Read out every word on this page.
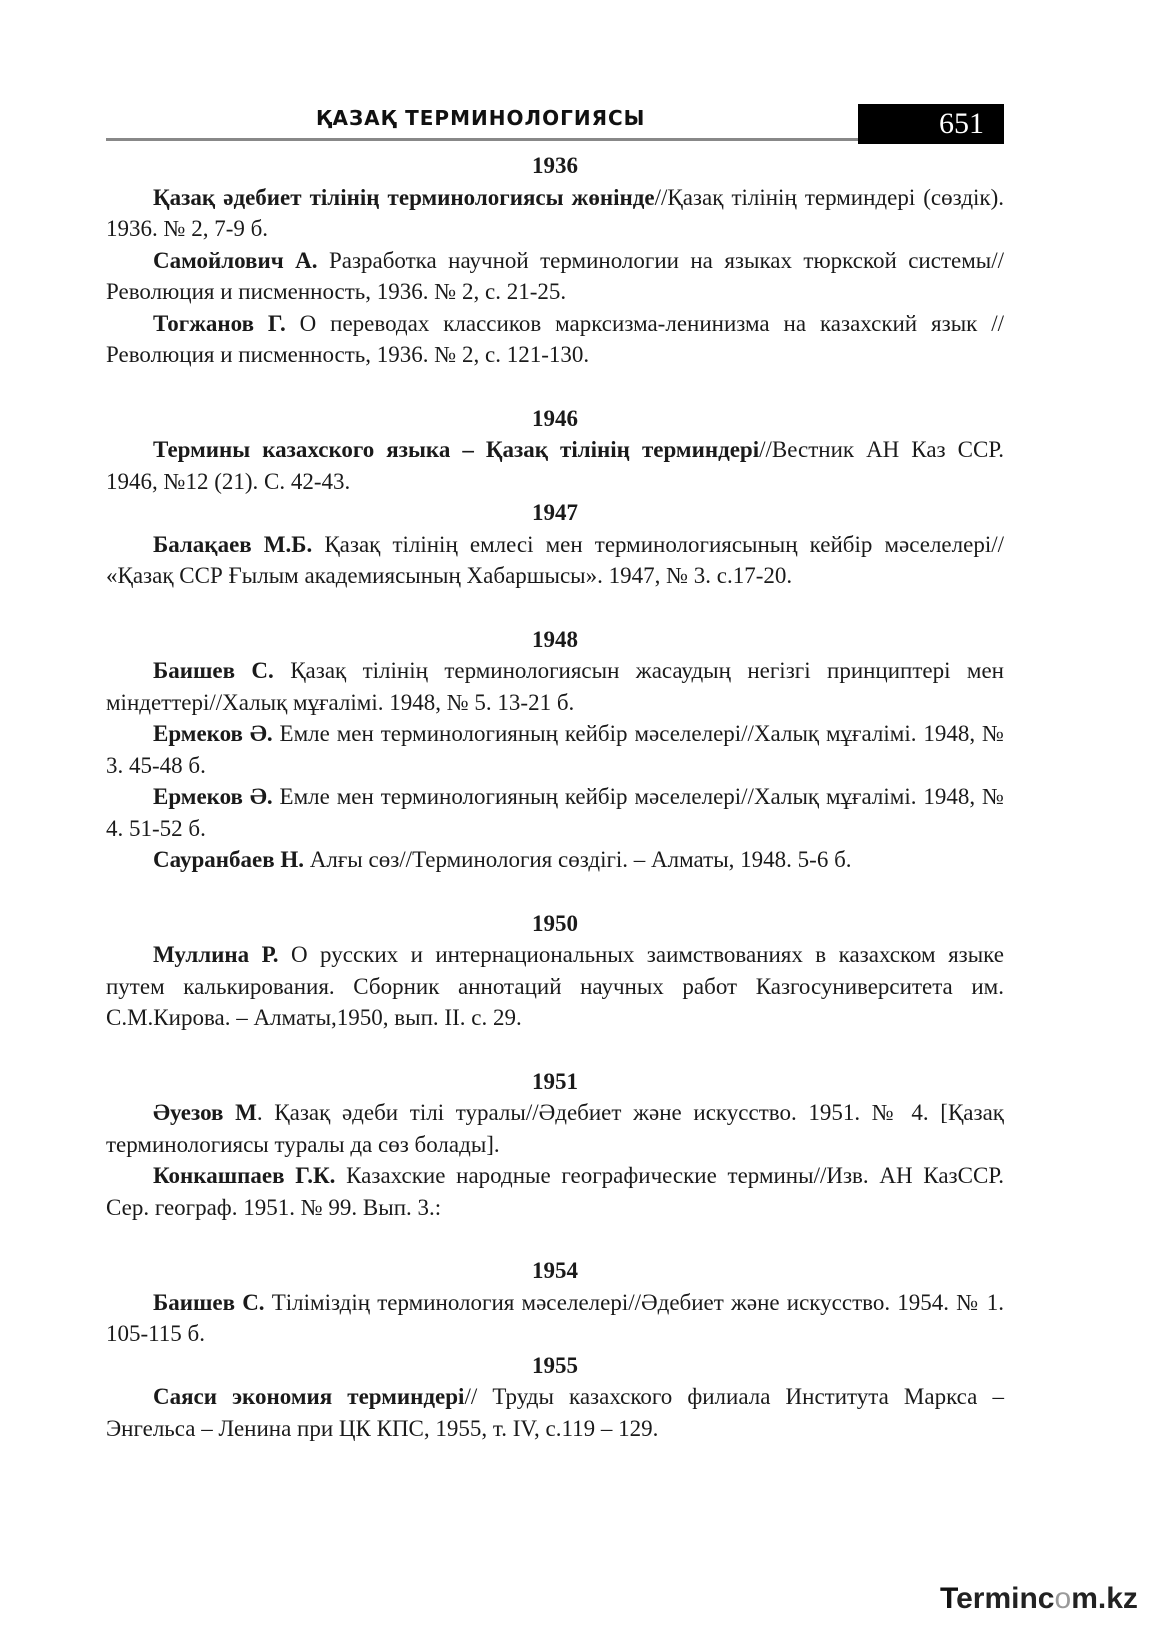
ҚАЗАҚ ТЕРМИНОЛОГИЯСЫ	651

1936

Қазақ әдебиет тілінің терминологиясы жөнінде//Қазақ тілінің терминдері (сөздік). 1936. № 2, 7-9 б.

Самойлович А. Разработка научной терминологии на языках тюркской системы//Революция и писменность, 1936. № 2, с. 21-25.

Тогжанов Г. О переводах классиков марксизма-ленинизма на казахский язык //Революция и писменность, 1936. № 2, с. 121-130.

1946

Термины казахского языка – Қазақ тілінің терминдері//Вестник АН Каз ССР. 1946, №12 (21). С. 42-43.

1947

Балақаев М.Б. Қазақ тілінің емлесі мен терминологиясының кейбір мәселелері// «Қазақ ССР Ғылым академиясының Хабаршысы». 1947, № 3. с.17-20.

1948

Баишев С. Қазақ тілінің терминологиясын жасаудың негізгі принциптері мен міндеттері//Халық мұғалімі. 1948, № 5. 13-21 б.

Ермеков Ә. Емле мен терминологияның кейбір мәселелері//Халық мұғалімі. 1948, № 3. 45-48 б.

Ермеков Ә. Емле мен терминологияның кейбір мәселелері//Халық мұғалімі. 1948, № 4. 51-52 б.

Сауранбаев Н. Алғы сөз//Терминология сөздігі. – Алматы, 1948. 5-6 б.

1950

Муллина Р. О русских и интернациональных заимствованиях в казахском языке путем калькирования. Сборник аннотаций научных работ Казгосуниверситета им. С.М.Кирова. – Алматы,1950, вып. II. с. 29.

1951

Әуезов М. Қазақ әдеби тілі туралы//Әдебиет және искусство. 1951. № 4. [Қазақ терминологиясы туралы да сөз болады].

Конкашпаев Г.К. Казахские народные географические термины//Изв. АН КазССР. Сер. географ. 1951. № 99. Вып. 3.:

1954

Баишев С. Тіліміздің терминология мәселелері//Әдебиет және искусство. 1954. № 1. 105-115 б.

1955

Саяси экономия терминдері// Труды казахского филиала Института Маркса – Энгельса – Ленина при ЦК КПС, 1955, т. IV, с.119 – 129.

Termincom.kz
